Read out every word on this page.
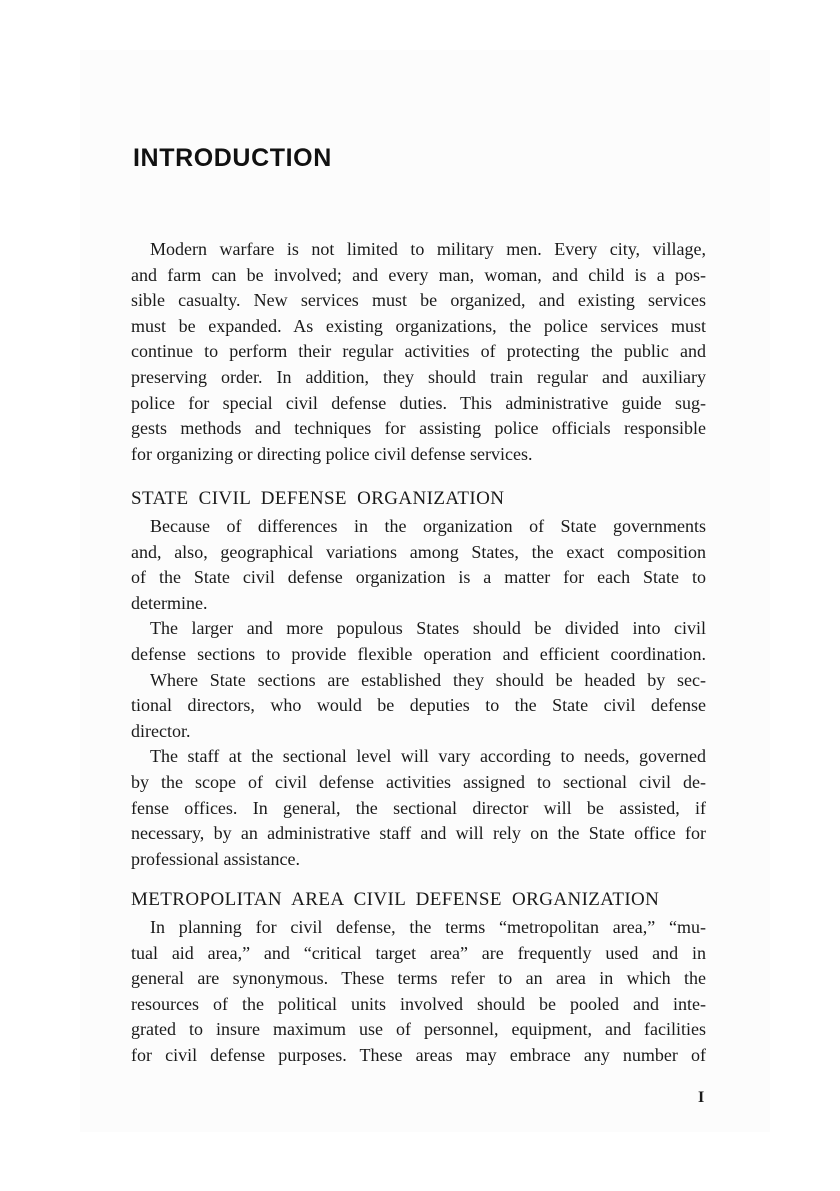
INTRODUCTION
Modern warfare is not limited to military men. Every city, village,
and farm can be involved; and every man, woman, and child is a pos-
sible casualty. New services must be organized, and existing services
must be expanded. As existing organizations, the police services must
continue to perform their regular activities of protecting the public and
preserving order. In addition, they should train regular and auxiliary
police for special civil defense duties. This administrative guide sug-
gests methods and techniques for assisting police officials responsible
for organizing or directing police civil defense services.
STATE CIVIL DEFENSE ORGANIZATION
Because of differences in the organization of State governments
and, also, geographical variations among States, the exact composition
of the State civil defense organization is a matter for each State to
determine.
The larger and more populous States should be divided into civil
defense sections to provide flexible operation and efficient coordination.
Where State sections are established they should be headed by sec-
tional directors, who would be deputies to the State civil defense
director.
The staff at the sectional level will vary according to needs, governed
by the scope of civil defense activities assigned to sectional civil de-
fense offices. In general, the sectional director will be assisted, if
necessary, by an administrative staff and will rely on the State office for
professional assistance.
METROPOLITAN AREA CIVIL DEFENSE ORGANIZATION
In planning for civil defense, the terms “metropolitan area,” “mu-
tual aid area,” and “critical target area” are frequently used and in
general are synonymous. These terms refer to an area in which the
resources of the political units involved should be pooled and inte-
grated to insure maximum use of personnel, equipment, and facilities
for civil defense purposes. These areas may embrace any number of
I
